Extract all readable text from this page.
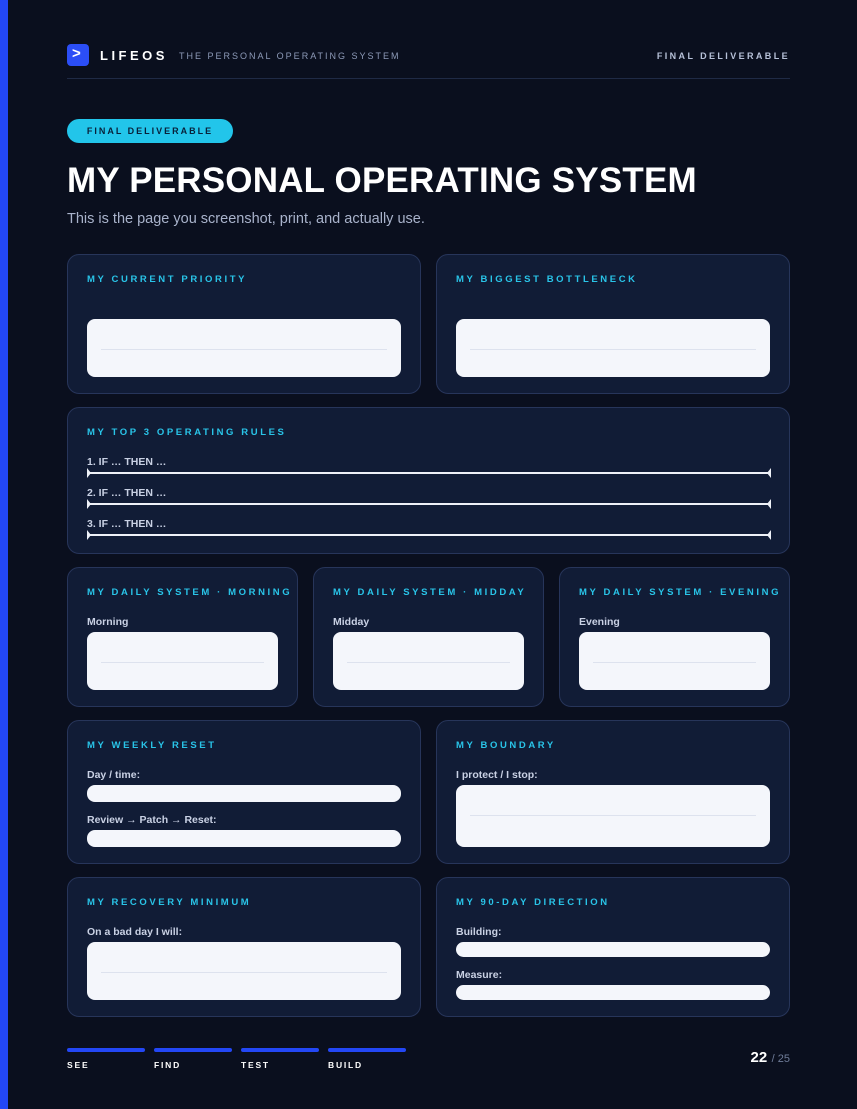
> LIFEOS THE PERSONAL OPERATING SYSTEM	FINAL DELIVERABLE
FINAL DELIVERABLE
MY PERSONAL OPERATING SYSTEM
This is the page you screenshot, print, and actually use.
MY CURRENT PRIORITY	MY BIGGEST BOTTLENECK
MY TOP 3 OPERATING RULES
1. IF … THEN …
2. IF … THEN …
3. IF … THEN …
MY DAILY SYSTEM · MORNING
Morning
MY DAILY SYSTEM · MIDDAY
Midday
MY DAILY SYSTEM · EVENING
Evening
MY WEEKLY RESET
Day / time:
Review → Patch → Reset:
MY BOUNDARY
I protect / I stop:
MY RECOVERY MINIMUM
On a bad day I will:
MY 90-DAY DIRECTION
Building:
Measure:
SEE	FIND	TEST	BUILD	22 / 25
